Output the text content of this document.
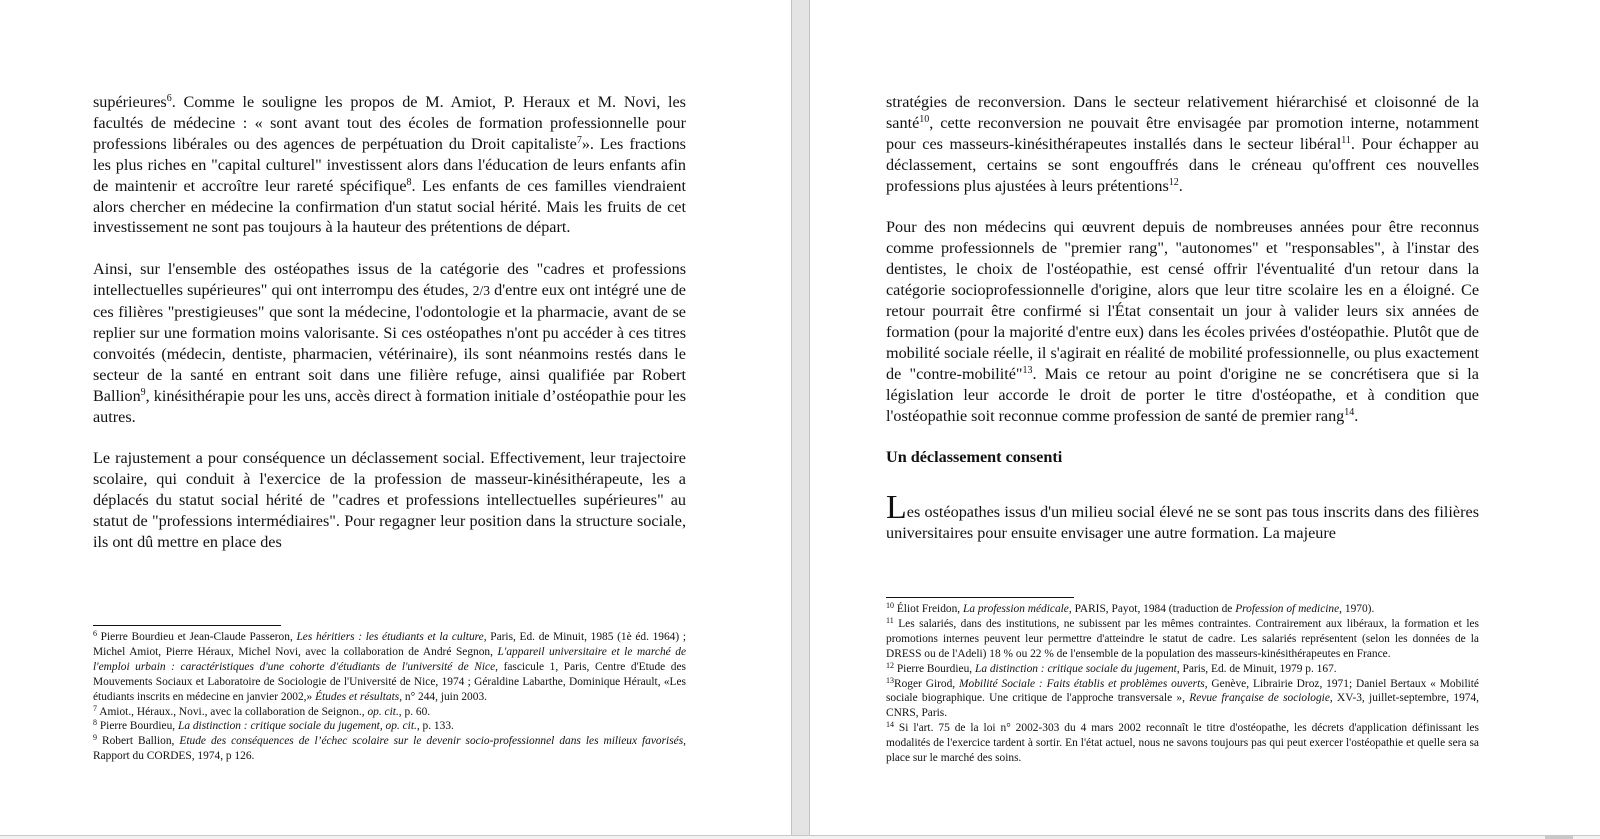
supérieures$^6$. Comme le souligne les propos de M. Amiot, P. Heraux et M. Novi, les facultés de médecine : « sont avant tout des écoles de formation professionnelle pour professions libérales ou des agences de perpétuation du Droit capitaliste$^7$». Les fractions les plus riches en "capital culturel" investissent alors dans l'éducation de leurs enfants afin de maintenir et accroître leur rareté spécifique$^8$. Les enfants de ces familles viendraient alors chercher en médecine la confirmation d'un statut social hérité. Mais les fruits de cet investissement ne sont pas toujours à la hauteur des prétentions de départ.

Ainsi, sur l'ensemble des ostéopathes issus de la catégorie des "cadres et professions intellectuelles supérieures" qui ont interrompu des études, 2/3 d'entre eux ont intégré une de ces filières "prestigieuses" que sont la médecine, l'odontologie et la pharmacie, avant de se replier sur une formation moins valorisante. Si ces ostéopathes n'ont pu accéder à ces titres convoités (médecin, dentiste, pharmacien, vétérinaire), ils sont néanmoins restés dans le secteur de la santé en entrant soit dans une filière refuge, ainsi qualifiée par Robert Ballion$^9$, kinésithérapie pour les uns, accès direct à formation initiale d’ostéopathie pour les autres.

Le rajustement a pour conséquence un déclassement social. Effectivement, leur trajectoire scolaire, qui conduit à l'exercice de la profession de masseur-kinésithérapeute, les a déplacés du statut social hérité de "cadres et professions intellectuelles supérieures" au statut de "professions intermédiaires". Pour regagner leur position dans la structure sociale, ils ont dû mettre en place des

$^6$ Pierre Bourdieu et Jean-Claude Passeron, Les héritiers : les étudiants et la culture, Paris, Ed. de Minuit, 1985 (1è éd. 1964) ; Michel Amiot, Pierre Héraux, Michel Novi, avec la collaboration de André Segnon, L'appareil universitaire et le marché de l'emploi urbain : caractéristiques d'une cohorte d'étudiants de l'université de Nice, fascicule 1, Paris, Centre d'Etude des Mouvements Sociaux et Laboratoire de Sociologie de l'Université de Nice, 1974 ; Géraldine Labarthe, Dominique Hérault, «Les étudiants inscrits en médecine en janvier 2002,» Études et résultats, n° 244, juin 2003.

$^7$ Amiot., Héraux., Novi., avec la collaboration de Seignon., op. cit., p. 60.

$^8$ Pierre Bourdieu, La distinction : critique sociale du jugement, op. cit., p. 133.

$^9$ Robert Ballion, Etude des conséquences de l’échec scolaire sur le devenir socio-professionnel dans les milieux favorisés, Rapport du CORDES, 1974, p 126.

stratégies de reconversion. Dans le secteur relativement hiérarchisé et cloisonné de la santé$^{10}$, cette reconversion ne pouvait être envisagée par promotion interne, notamment pour ces masseurs-kinésithérapeutes installés dans le secteur libéral$^{11}$. Pour échapper au déclassement, certains se sont engouffrés dans le créneau qu'offrent ces nouvelles professions plus ajustées à leurs prétentions$^{12}$.

Pour des non médecins qui œuvrent depuis de nombreuses années pour être reconnus comme professionnels de "premier rang", "autonomes" et "responsables", à l'instar des dentistes, le choix de l'ostéopathie, est censé offrir l'éventualité d'un retour dans la catégorie socioprofessionnelle d'origine, alors que leur titre scolaire les en a éloigné. Ce retour pourrait être confirmé si l'État consentait un jour à valider leurs six années de formation (pour la majorité d'entre eux) dans les écoles privées d'ostéopathie. Plutôt que de mobilité sociale réelle, il s'agirait en réalité de mobilité professionnelle, ou plus exactement de "contre-mobilité"$^{13}$. Mais ce retour au point d'origine ne se concrétisera que si la législation leur accorde le droit de porter le titre d'ostéopathe, et à condition que l'ostéopathie soit reconnue comme profession de santé de premier rang$^{14}$.

Un déclassement consenti

Les ostéopathes issus d'un milieu social élevé ne se sont pas tous inscrits dans des filières universitaires pour ensuite envisager une autre formation. La majeure

$^{10}$ Éliot Freidon, La profession médicale, PARIS, Payot, 1984 (traduction de Profession of medicine, 1970).

$^{11}$ Les salariés, dans des institutions, ne subissent par les mêmes contraintes. Contrairement aux libéraux, la formation et les promotions internes peuvent leur permettre d'atteindre le statut de cadre. Les salariés représentent (selon les données de la DRESS ou de l'Adeli) 18 % ou 22 % de l'ensemble de la population des masseurs-kinésithérapeutes en France.

$^{12}$ Pierre Bourdieu, La distinction : critique sociale du jugement, Paris, Ed. de Minuit, 1979 p. 167.

$^{13}$Roger Girod, Mobilité Sociale : Faits établis et problèmes ouverts, Genève, Librairie Droz, 1971; Daniel Bertaux « Mobilité sociale biographique. Une critique de l'approche transversale », Revue française de sociologie, XV-3, juillet-septembre, 1974, CNRS, Paris.

$^{14}$ Si l'art. 75 de la loi n° 2002-303 du 4 mars 2002 reconnaît le titre d'ostéopathe, les décrets d'application définissant les modalités de l'exercice tardent à sortir. En l'état actuel, nous ne savons toujours pas qui peut exercer l'ostéopathie et quelle sera sa place sur le marché des soins.
